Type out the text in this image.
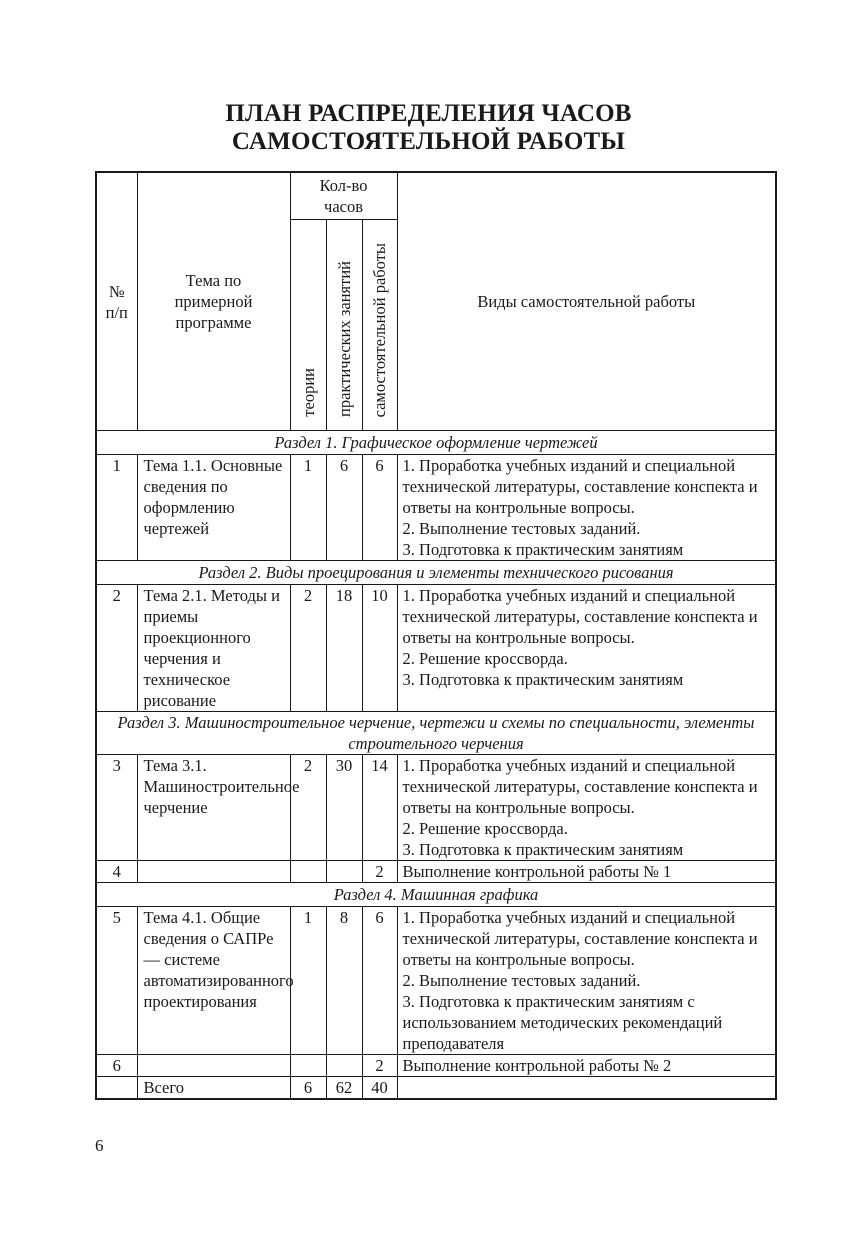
ПЛАН РАСПРЕДЕЛЕНИЯ ЧАСОВ
САМОСТОЯТЕЛЬНОЙ РАБОТЫ
№ п/п	Тема по примерной программе	Кол-во часов			Виды самостоятельной работы
		теории	практических занятий	самостоятельной работы	
Раздел 1. Графическое оформление чертежей					
1	Тема 1.1. Основные сведения по оформлению чертежей	1	6	6	1. Проработка учебных изданий и специальной технической литературы, составление конспекта и ответы на контрольные вопросы.
2. Выполнение тестовых заданий.
3. Подготовка к практическим занятиям

Раздел 2. Виды проецирования и элементы технического рисования					
2	Тема 2.1. Методы и приемы проекционного черчения и техническое рисование	2	18	10	1. Проработка учебных изданий и специальной технической литературы, составление конспекта и ответы на контрольные вопросы.
2. Решение кроссворда.
3. Подготовка к практическим занятиям

Раздел 3. Машиностроительное черчение, чертежи и схемы по специальности, элементы строительного черчения					
3	Тема 3.1. Машиностроительное черчение	2	30	14	1. Проработка учебных изданий и специальной технической литературы, составление конспекта и ответы на контрольные вопросы.
2. Решение кроссворда.
3. Подготовка к практическим занятиям

4				2	Выполнение контрольной работы № 1

Раздел 4. Машинная графика					
5	Тема 4.1. Общие сведения о САПРе — системе автоматизированного проектирования	1	8	6	1. Проработка учебных изданий и специальной технической литературы, составление конспекта и ответы на контрольные вопросы.
2. Выполнение тестовых заданий.
3. Подготовка к практическим занятиям с использованием методических рекомендаций преподавателя

6				2	Выполнение контрольной работы № 2

	Всего	6	62	40	
6
